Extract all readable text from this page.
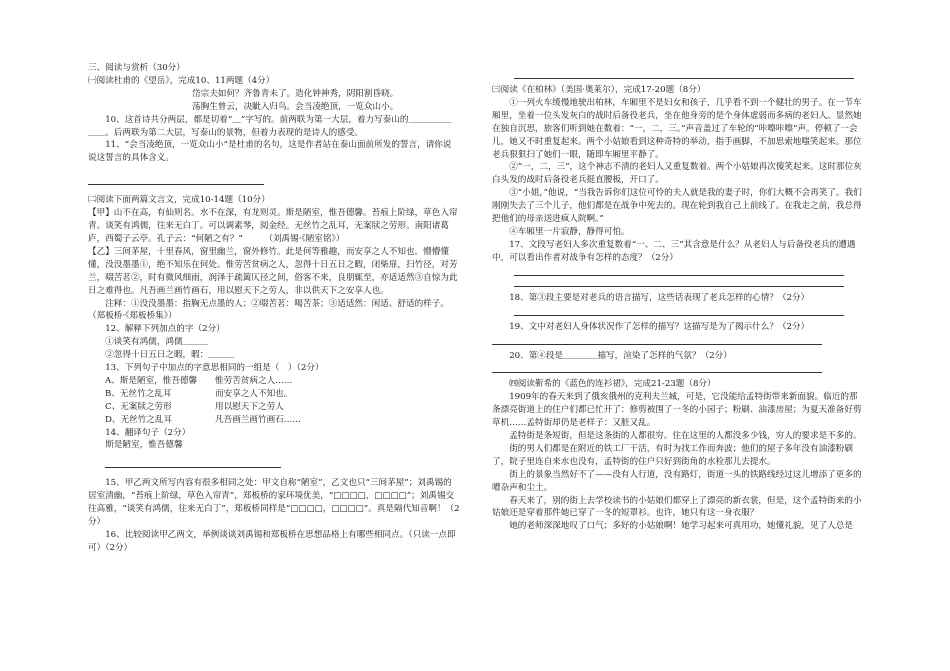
三、阅读与赏析（30分）

㈠阅读杜甫的《望岳》，完成10、11两题（4分）

岱宗夫如何？齐鲁青未了。造化钟神秀，阴阳割昏晓。

荡胸生曾云，决眦入归鸟。会当凌绝顶，一览众山小。

10、这首诗共分两层，都是切着“＿”字写的。前两联为第一大层，着力写泰山的＿＿＿＿＿＿＿。后两联为第二大层，写泰山的景物，但着力表现的是诗人的感受。

11、“会当凌绝顶，一览众山小”是杜甫的名句，这是作者站在泰山面前所发的誓言，请你说说这誓言的具体含义。

㈡阅读下面两篇文言文，完成10-14题（10分）

【甲】山不在高，有仙则名。水不在深，有龙则灵。斯是陋室，惟吾德馨。苔痕上阶绿，草色入帘青。谈笑有鸿儒，往来无白丁。可以调素琴，阅金经。无丝竹之乱耳，无案牍之劳形。南阳诸葛庐，西蜀子云亭。孔子云：“何陋之有？”　　　（刘禹锡·《陋室铭》）

【乙】三间茅屋，十里春风，窗里幽兰，窗外修竹。此是何等雅趣，而安享之人不知也。懵懵懂懂，没没墨墨①，绝不知乐在何处。惟劳苦贫病之人，忽得十日五日之暇，闭柴扉，扫竹径，对芳兰，啜苦茗②，时有微风细雨，润泽于疏篱仄径之间，俗客不来，良朋辄至，亦适适然③自惊为此日之难得也。凡吾画兰画竹画石，用以慰天下之劳人，非以供天下之安享人也。

注释：①没没墨墨：指胸无点墨的人；②啜苦茗：喝苦茶；③适适然：闲适、舒适的样子。

（郑板桥·《郑板桥集》）

12、解释下列加点的字（2分）

①谈笑有鸿儒，鸿儒＿＿＿

②忽得十日五日之暇，暇：＿＿＿

13、下列句子中加点的字意思相同的一组是（　）（2分）

A、斯是陋室，惟吾德馨 惟劳苦贫病之人……

B、无丝竹之乱耳	而安享之人不知也。

C、无案牍之劳形	用以慰天下之劳人

D、无丝竹之乱耳	凡吾画兰画竹画石……

14、翻译句子（2分）

斯是陋室，惟吾德馨

15、甲乙两文所写内容有很多相同之处：甲文自称“陋室”，乙文也只“三间茅屋”；刘禹锡的居室清幽，“苔痕上阶绿，草色入帘青”，郑板桥的家环境优美，“□□□□，□□□□”；刘禹锡交往高雅，“谈笑有鸿儒，往来无白丁”，郑板桥同样是“□□□□，□□□□”。真是隔代知音啊！（2分）

16、比较阅读甲乙两文，举例谈谈刘禹锡和郑板桥在思想品格上有哪些相同点。（只读一点即可）（2分）

㈢阅读《在柏林》（美国·奥莱尔），完成17-20题（8分）

①一列火车缓慢地驶出柏林，车厢里不是妇女和孩子，几乎看不到一个健壮的男子。在一节车厢里，坐着一位头发灰白的战时后备役老兵，坐在他身旁的是个身体虚弱而多病的老妇人。显然她在独自沉思，旅客们听到她在数着：“一，二，三。”声音盖过了车轮的“咔嚓咔嚓”声。停顿了一会儿，她又不时重复起来。两个小姑娘看到这种奇特的举动，指手画脚，不加思索地嗤笑起来。那位老兵狠狠扫了她们一眼，随即车厢里平静了。

②“一，二，三”，这个神志不清的老妇人又重复数着。两个小姑娘再次傻笑起来。这时那位灰白头发的战时后备役老兵挺直腰板，开口了。

③“小姐，”他说，“当我告诉你们这位可怜的夫人就是我的妻子时，你们大概不会再笑了。我们刚刚失去了三个儿子，他们都是在战争中死去的。现在轮到我自己上前线了。在我走之前，我总得把他们的母亲送进疯人院啊。”

④车厢里一片寂静，静得可怕。

17、文段写老妇人多次重复数着“一、二、三”其含意是什么？从老妇人与后备役老兵的遭遇中，可以看出作者对战争有怎样的态度？（2分）

18、第③段主要是对老兵的语言描写，这些话表现了老兵怎样的心情？（2分）

19、文中对老妇人身体状况作了怎样的描写？这描写是为了揭示什么？（2分）

20、第④段是＿＿＿＿描写，渲染了怎样的气氛？（2分）

㈣阅读靳希的《蓝色的连衫裙》，完成21-23题（8分）

1909年的春天来到了俄亥俄州的克利夫兰城，可是，它没能给孟特街带来新面貌。临近的那条漂亮街道上的住户们都已忙开了：修剪被围了一冬的小园子；粉刷、油漆房屋；为夏天准备好剪草机……孟特街却仍是老样子：又脏又乱。

孟特街是条短街，但是这条街的人都很穷。住在这里的人都没多少钱，穷人的要求是不多的。

街的男人们都是在附近的铁工厂干活，有时为找工作而奔波；他们的屋子多年没有油漆粉刷了，院子里连自来水也没有，孟特街的住户只好到街角的水栓那儿去提水。

街上的景象当然好不了——没有人行道，没有路灯，街道一头的铁路线经过这儿增添了更多的嘈杂声和尘土。

春天来了，别的街上去学校读书的小姑娘们都穿上了漂亮的新衣裳，但是，这个孟特街来的小姑娘还是穿着那件她已穿了一冬的短罩衫。也许，她只有这一身衣服？

她的老师深深地叹了口气；多好的小姑娘啊！她学习起来可真用功，她懂礼貌，见了人总是
